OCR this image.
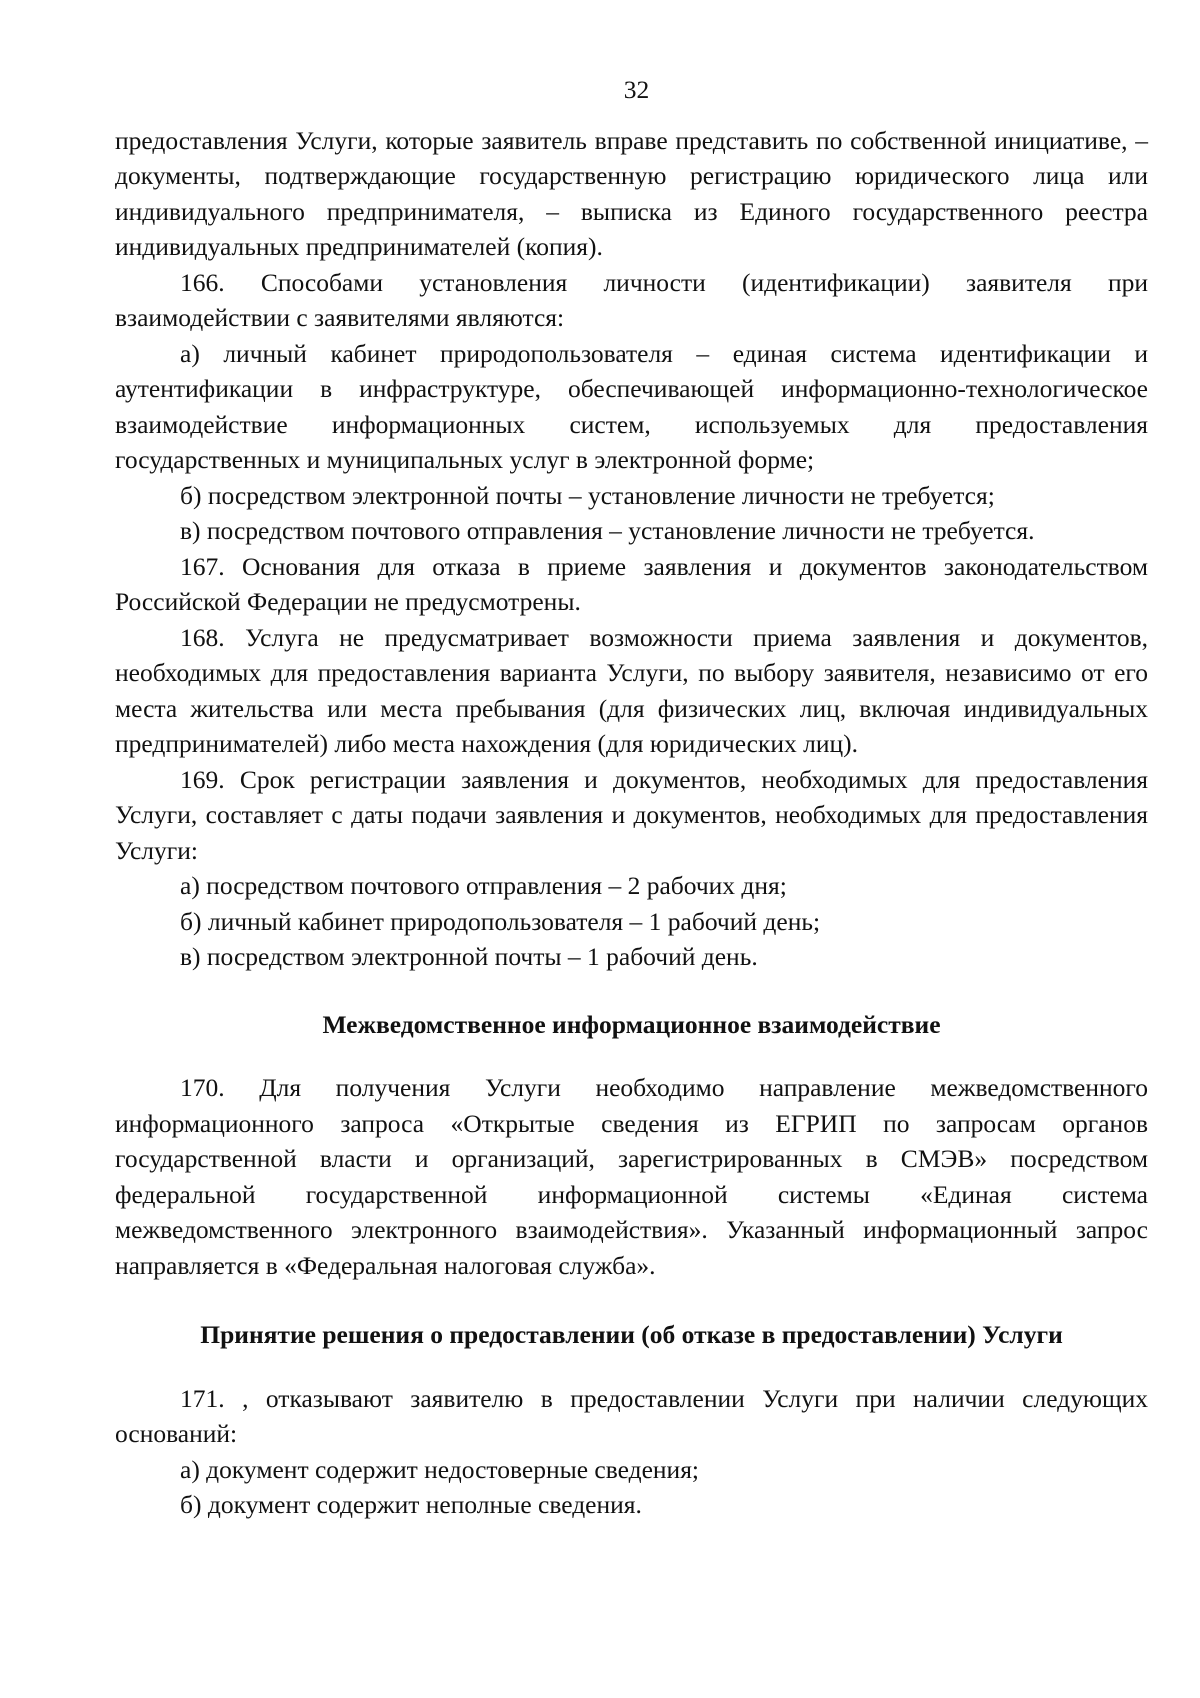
32

предоставления Услуги, которые заявитель вправе представить по собственной инициативе, – документы, подтверждающие государственную регистрацию юридического лица или индивидуального предпринимателя, – выписка из Единого государственного реестра индивидуальных предпринимателей (копия).

166. Способами установления личности (идентификации) заявителя при взаимодействии с заявителями являются:

а) личный кабинет природопользователя – единая система идентификации и аутентификации в инфраструктуре, обеспечивающей информационно-технологическое взаимодействие информационных систем, используемых для предоставления государственных и муниципальных услуг в электронной форме;

б) посредством электронной почты – установление личности не требуется;

в) посредством почтового отправления – установление личности не требуется.

167. Основания для отказа в приеме заявления и документов законодательством Российской Федерации не предусмотрены.

168. Услуга не предусматривает возможности приема заявления и документов, необходимых для предоставления варианта Услуги, по выбору заявителя, независимо от его места жительства или места пребывания (для физических лиц, включая индивидуальных предпринимателей) либо места нахождения (для юридических лиц).

169. Срок регистрации заявления и документов, необходимых для предоставления Услуги, составляет с даты подачи заявления и документов, необходимых для предоставления Услуги:

а) посредством почтового отправления – 2 рабочих дня;

б) личный кабинет природопользователя – 1 рабочий день;

в) посредством электронной почты – 1 рабочий день.

Межведомственное информационное взаимодействие

170. Для получения Услуги необходимо направление межведомственного информационного запроса «Открытые сведения из ЕГРИП по запросам органов государственной власти и организаций, зарегистрированных в СМЭВ» посредством федеральной государственной информационной системы «Единая система межведомственного электронного взаимодействия». Указанный информационный запрос направляется в «Федеральная налоговая служба».

Принятие решения о предоставлении (об отказе в предоставлении) Услуги

171. , отказывают заявителю в предоставлении Услуги при наличии следующих оснований:

а) документ содержит недостоверные сведения;

б) документ содержит неполные сведения.
